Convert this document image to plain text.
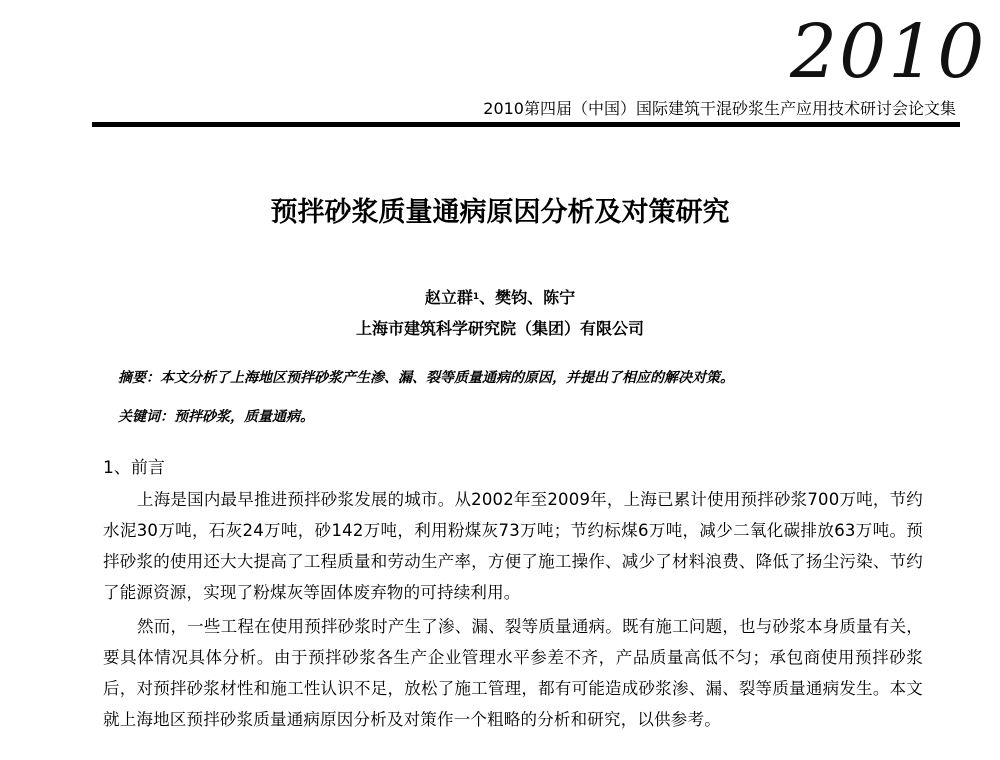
2010
2010第四届（中国）国际建筑干混砂浆生产应用技术研讨会论文集
预拌砂浆质量通病原因分析及对策研究
赵立群$^1$、樊钧、陈宁
上海市建筑科学研究院（集团）有限公司
摘要：本文分析了上海地区预拌砂浆产生渗、漏、裂等质量通病的原因，并提出了相应的解决对策。
关键词：预拌砂浆，质量通病。
1、前言
上海是国内最早推进预拌砂浆发展的城市。从2002年至2009年，上海已累计使用预拌砂浆700万吨，节约水泥30万吨，石灰24万吨，砂142万吨，利用粉煤灰73万吨；节约标煤6万吨，减少二氧化碳排放63万吨。预拌砂浆的使用还大大提高了工程质量和劳动生产率，方便了施工操作、减少了材料浪费、降低了扬尘污染、节约了能源资源，实现了粉煤灰等固体废弃物的可持续利用。
然而，一些工程在使用预拌砂浆时产生了渗、漏、裂等质量通病。既有施工问题，也与砂浆本身质量有关，要具体情况具体分析。由于预拌砂浆各生产企业管理水平参差不齐，产品质量高低不匀；承包商使用预拌砂浆后，对预拌砂浆材性和施工性认识不足，放松了施工管理，都有可能造成砂浆渗、漏、裂等质量通病发生。本文就上海地区预拌砂浆质量通病原因分析及对策作一个粗略的分析和研究，以供参考。
